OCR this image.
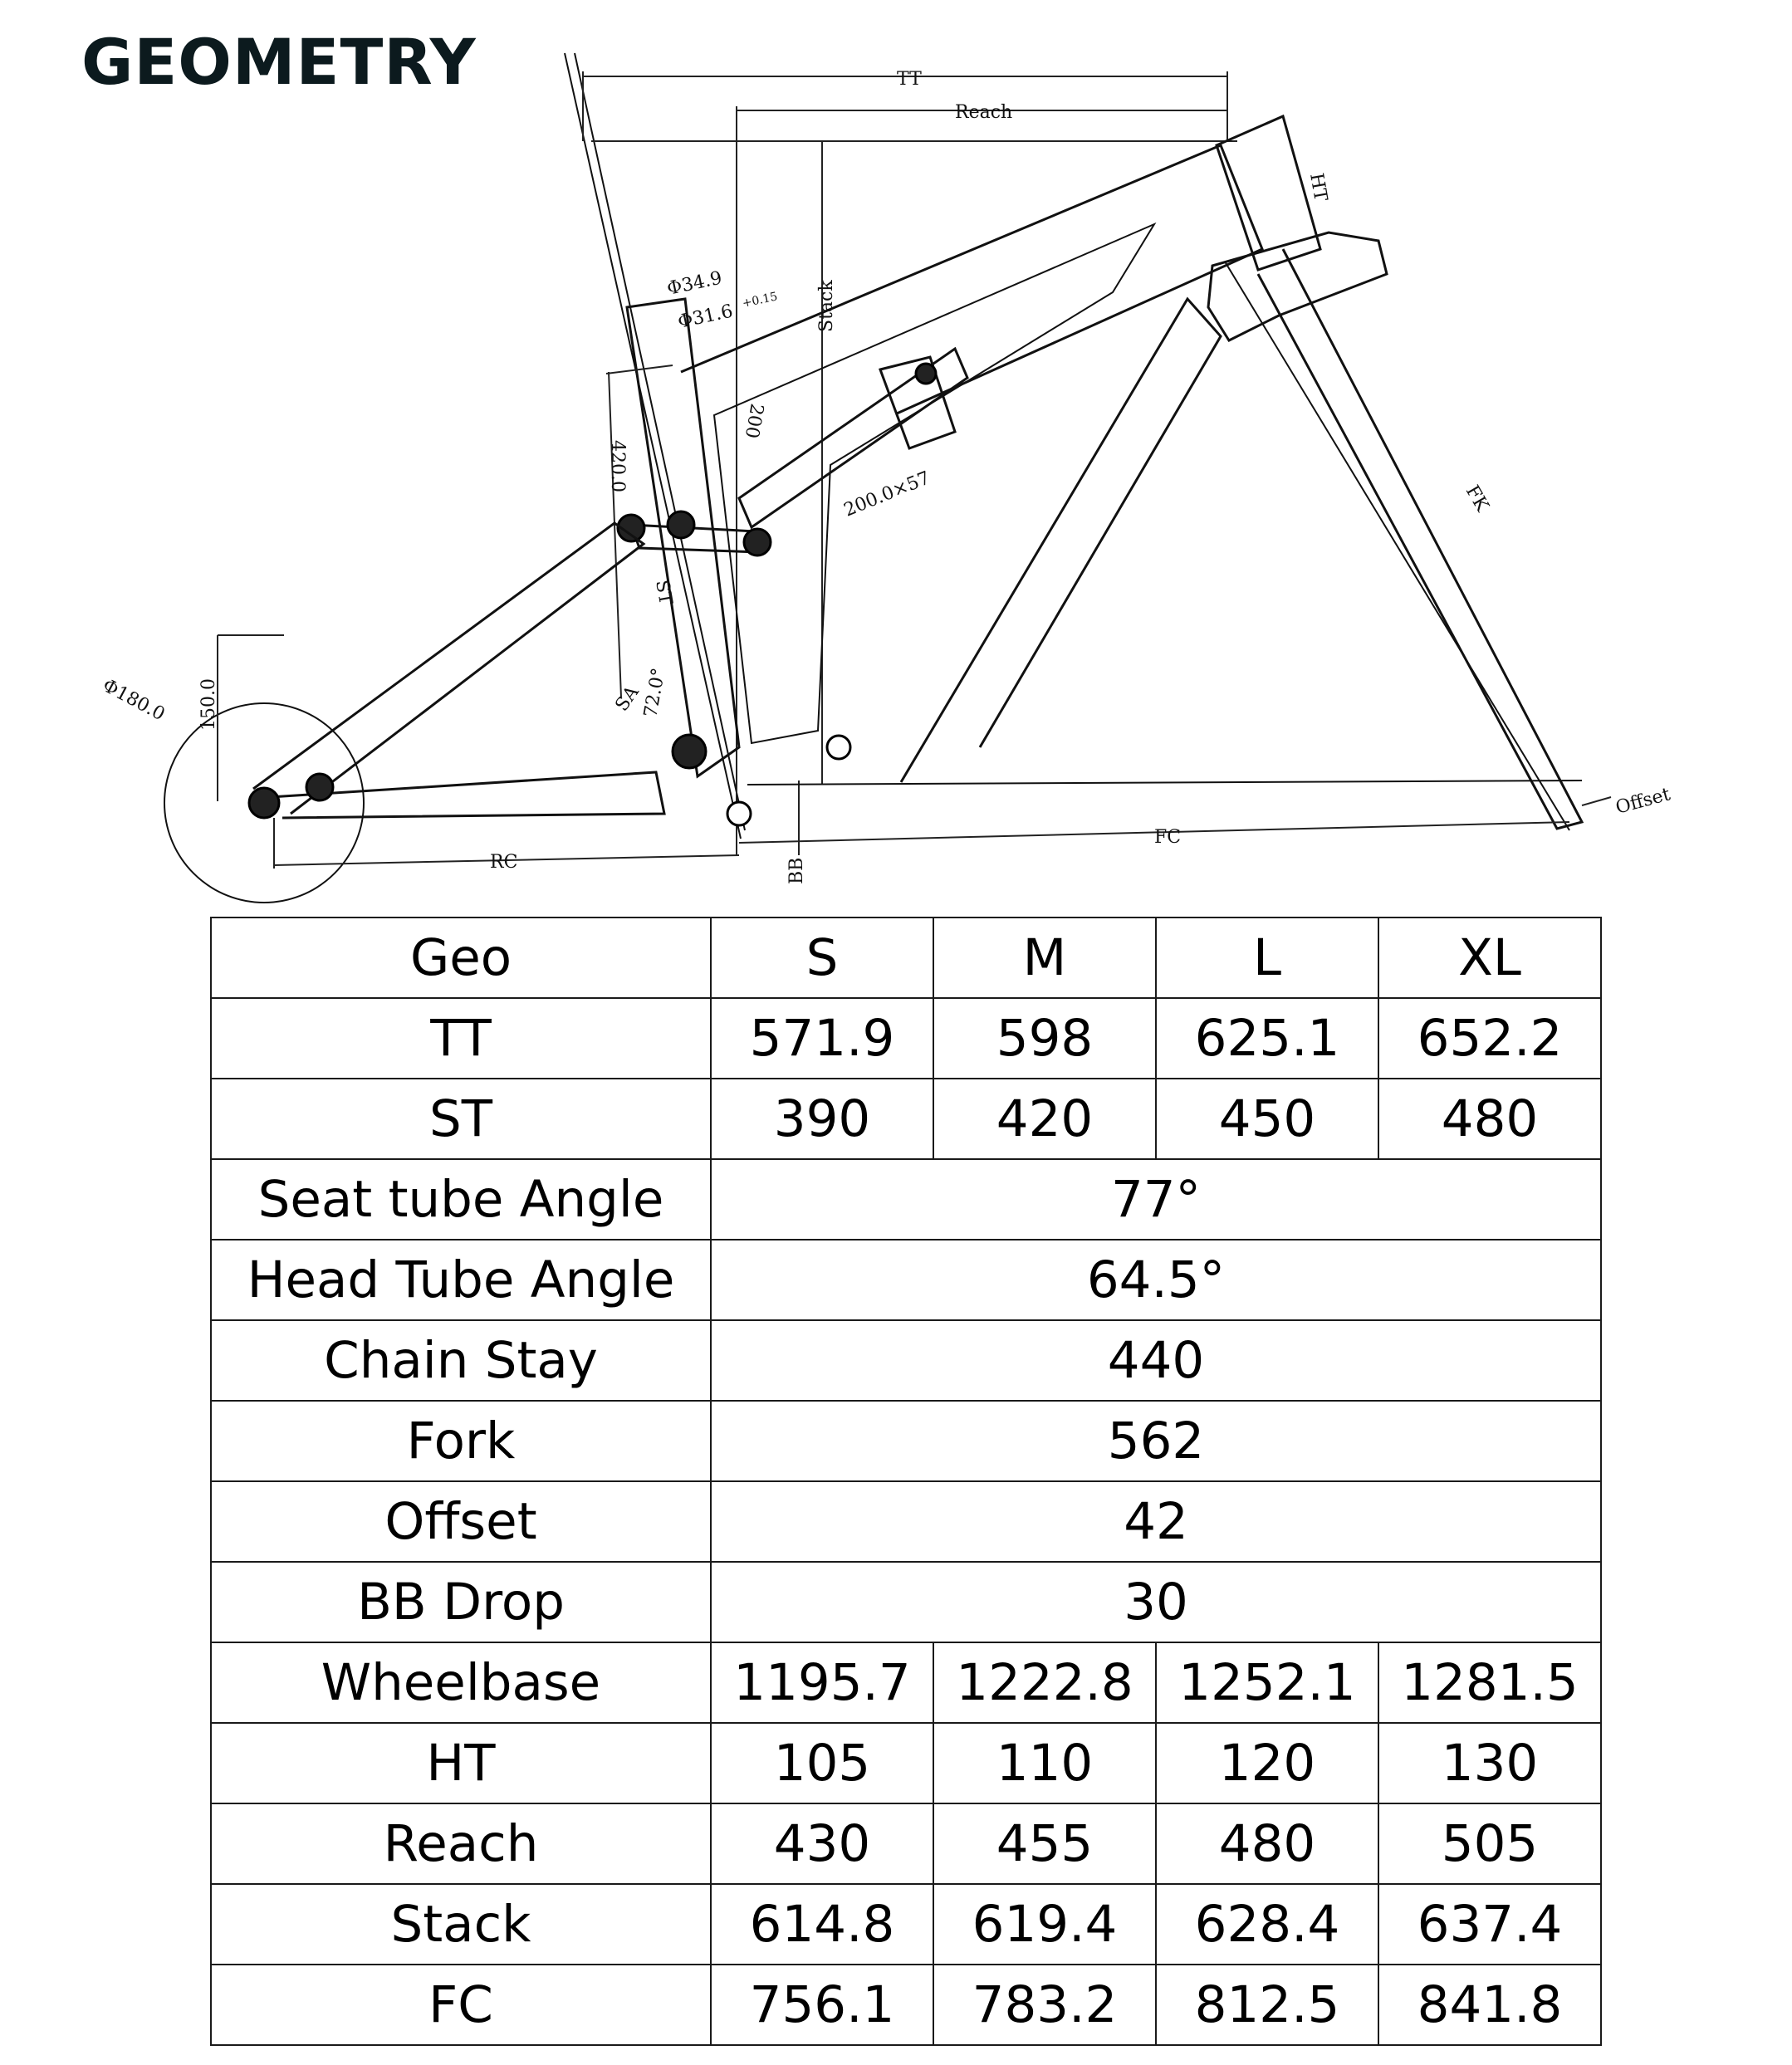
GEOMETRY	TT
Reach
Stack
HT
FK
Offset
FC
RC	BB
SA
ST
Φ34.9
Φ31.6
+0.15
200.0×57
200
420.0
72.0°
Φ180.0 150.0
Geo	S	M	L	XL
TT	571.9	598	625.1	652.2
ST	390	420	450	480
Seat tube Angle	77°			
Head Tube Angle	64.5°			
Chain Stay	440			
Fork	562			
Offset	42			
BB Drop	30			
Wheelbase	1195.7	1222.8	1252.1	1281.5
HT	105	110	120	130
Reach	430	455	480	505
Stack	614.8	619.4	628.4	637.4
FC	756.1	783.2	812.5	841.8
